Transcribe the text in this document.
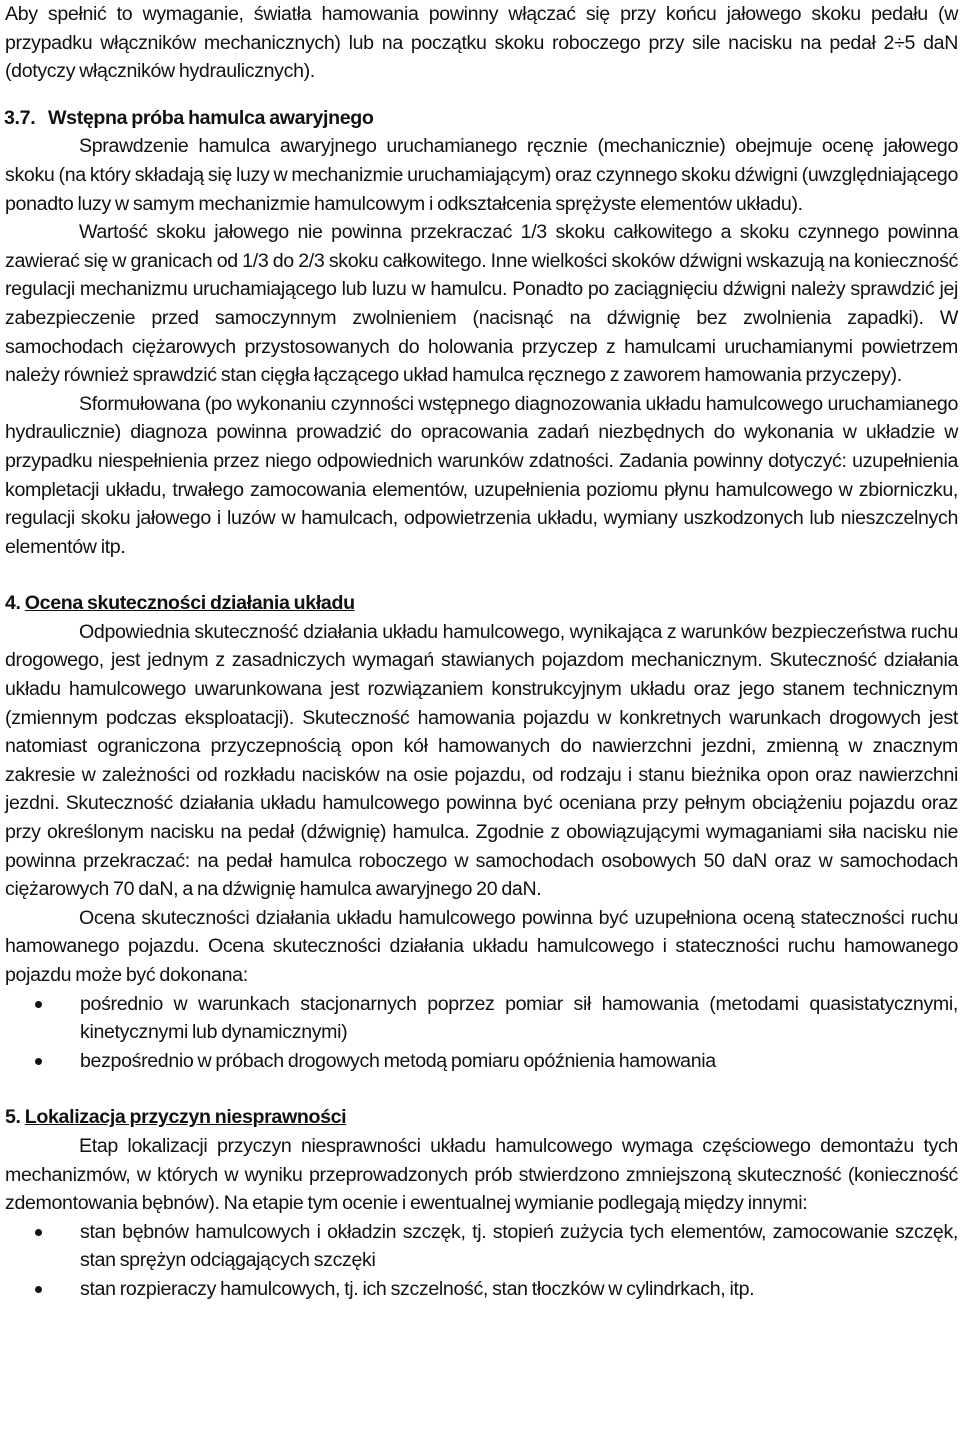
Aby spełnić to wymaganie, światła hamowania powinny włączać się przy końcu jałowego skoku pedału (w przypadku włączników mechanicznych) lub na początku skoku roboczego przy sile nacisku na pedał 2÷5 daN (dotyczy włączników hydraulicznych).

3.7. Wstępna próba hamulca awaryjnego

Sprawdzenie hamulca awaryjnego uruchamianego ręcznie (mechanicznie) obejmuje ocenę jałowego skoku (na który składają się luzy w mechanizmie uruchamiającym) oraz czynnego skoku dźwigni (uwzględniającego ponadto luzy w samym mechanizmie hamulcowym i odkształcenia sprężyste elementów układu).

Wartość skoku jałowego nie powinna przekraczać 1/3 skoku całkowitego a skoku czynnego powinna zawierać się w granicach od 1/3 do 2/3 skoku całkowitego. Inne wielkości skoków dźwigni wskazują na konieczność regulacji mechanizmu uruchamiającego lub luzu w hamulcu. Ponadto po zaciągnięciu dźwigni należy sprawdzić jej zabezpieczenie przed samoczynnym zwolnieniem (nacisnąć na dźwignię bez zwolnienia zapadki). W samochodach ciężarowych przystosowanych do holowania przyczep z hamulcami uruchamianymi powietrzem należy również sprawdzić stan cięgła łączącego układ hamulca ręcznego z zaworem hamowania przyczepy).

Sformułowana (po wykonaniu czynności wstępnego diagnozowania układu hamulcowego uruchamianego hydraulicznie) diagnoza powinna prowadzić do opracowania zadań niezbędnych do wykonania w układzie w przypadku niespełnienia przez niego odpowiednich warunków zdatności. Zadania powinny dotyczyć: uzupełnienia kompletacji układu, trwałego zamocowania elementów, uzupełnienia poziomu płynu hamulcowego w zbiorniczku, regulacji skoku jałowego i luzów w hamulcach, odpowietrzenia układu, wymiany uszkodzonych lub nieszczelnych elementów itp.

4. Ocena skuteczności działania układu

Odpowiednia skuteczność działania układu hamulcowego, wynikająca z warunków bezpieczeństwa ruchu drogowego, jest jednym z zasadniczych wymagań stawianych pojazdom mechanicznym. Skuteczność działania układu hamulcowego uwarunkowana jest rozwiązaniem konstrukcyjnym układu oraz jego stanem technicznym (zmiennym podczas eksploatacji). Skuteczność hamowania pojazdu w konkretnych warunkach drogowych jest natomiast ograniczona przyczepnością opon kół hamowanych do nawierzchni jezdni, zmienną w znacznym zakresie w zależności od rozkładu nacisków na osie pojazdu, od rodzaju i stanu bieżnika opon oraz nawierzchni jezdni. Skuteczność działania układu hamulcowego powinna być oceniana przy pełnym obciążeniu pojazdu oraz przy określonym nacisku na pedał (dźwignię) hamulca. Zgodnie z obowiązującymi wymaganiami siła nacisku nie powinna przekraczać: na pedał hamulca roboczego w samochodach osobowych 50 daN oraz w samochodach ciężarowych 70 daN, a na dźwignię hamulca awaryjnego 20 daN.

Ocena skuteczności działania układu hamulcowego powinna być uzupełniona oceną stateczności ruchu hamowanego pojazdu. Ocena skuteczności działania układu hamulcowego i stateczności ruchu hamowanego pojazdu może być dokonana:

pośrednio w warunkach stacjonarnych poprzez pomiar sił hamowania (metodami quasistatycznymi, kinetycznymi lub dynamicznymi)
bezpośrednio w próbach drogowych metodą pomiaru opóźnienia hamowania
5. Lokalizacja przyczyn niesprawności

Etap lokalizacji przyczyn niesprawności układu hamulcowego wymaga częściowego demontażu tych mechanizmów, w których w wyniku przeprowadzonych prób stwierdzono zmniejszoną skuteczność (konieczność zdemontowania bębnów). Na etapie tym ocenie i ewentualnej wymianie podlegają między innymi:

stan bębnów hamulcowych i okładzin szczęk, tj. stopień zużycia tych elementów, zamocowanie szczęk, stan sprężyn odciągających szczęki
stan rozpieraczy hamulcowych, tj. ich szczelność, stan tłoczków w cylindrkach, itp.
